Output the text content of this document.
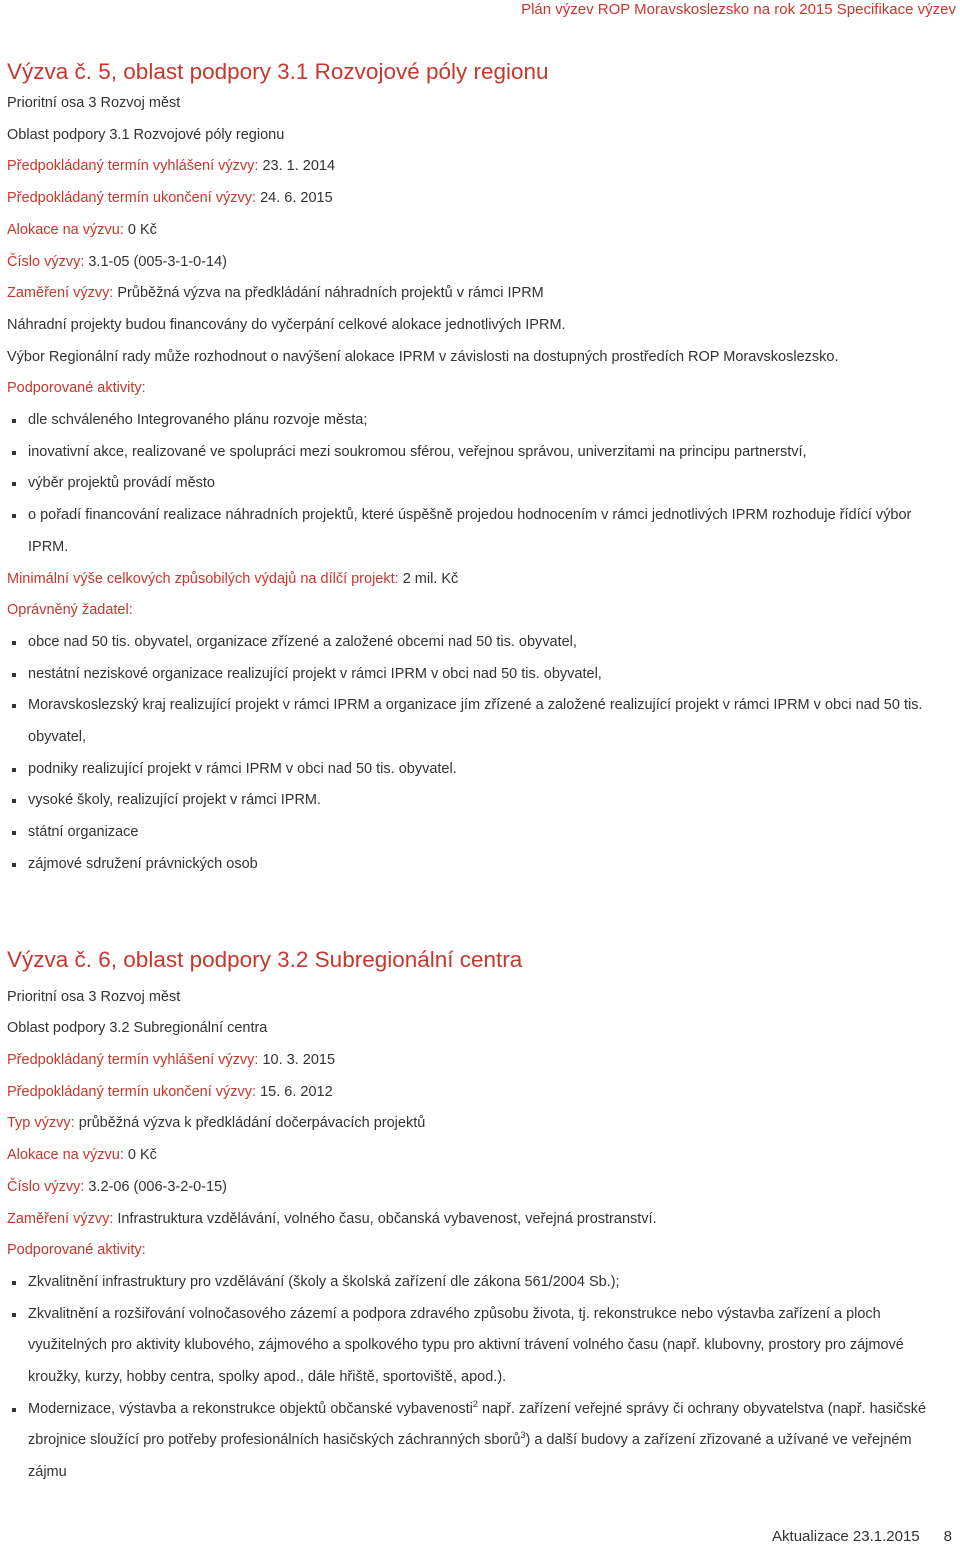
Plán výzev ROP Moravskoslezsko na rok 2015 Specifikace výzev
Výzva č. 5, oblast podpory 3.1 Rozvojové póly regionu
Prioritní osa 3 Rozvoj měst
Oblast podpory 3.1 Rozvojové póly regionu
Předpokládaný termín vyhlášení výzvy: 23. 1. 2014
Předpokládaný termín ukončení výzvy: 24. 6. 2015
Alokace na výzvu: 0 Kč
Číslo výzvy: 3.1-05 (005-3-1-0-14)
Zaměření výzvy: Průběžná výzva na předkládání náhradních projektů v rámci IPRM
Náhradní projekty budou financovány do vyčerpání celkové alokace jednotlivých IPRM.
Výbor Regionální rady může rozhodnout o navýšení alokace IPRM v závislosti na dostupných prostředích ROP Moravskoslezsko.
Podporované aktivity:
dle schváleného Integrovaného plánu rozvoje města;
inovativní akce, realizované ve spolupráci mezi soukromou sférou, veřejnou správou, univerzitami na principu partnerství,
výběr projektů provádí město
o pořadí financování realizace náhradních projektů, které úspěšně projedou hodnocením v rámci jednotlivých IPRM rozhoduje řídící výbor IPRM.
Minimální výše celkových způsobilých výdajů na dílčí projekt: 2 mil. Kč
Oprávněný žadatel:
obce nad 50 tis. obyvatel, organizace zřízené a založené obcemi nad 50 tis. obyvatel,
nestátní neziskové organizace realizující projekt v rámci IPRM v obci nad 50 tis. obyvatel,
Moravskoslezský kraj realizující projekt v rámci IPRM a organizace jím zřízené a založené realizující projekt v rámci IPRM v obci nad 50 tis. obyvatel,
podniky realizující projekt v rámci IPRM v obci nad 50 tis. obyvatel.
vysoké školy, realizující projekt v rámci IPRM.
státní organizace
zájmové sdružení právnických osob
Výzva č. 6, oblast podpory 3.2 Subregionální centra
Prioritní osa 3 Rozvoj měst
Oblast podpory 3.2 Subregionální centra
Předpokládaný termín vyhlášení výzvy: 10. 3. 2015
Předpokládaný termín ukončení výzvy: 15. 6. 2012
Typ výzvy: průběžná výzva k předkládání dočerpávacích projektů
Alokace na výzvu: 0 Kč
Číslo výzvy: 3.2-06 (006-3-2-0-15)
Zaměření výzvy: Infrastruktura vzdělávání, volného času, občanská vybavenost, veřejná prostranství.
Podporované aktivity:
Zkvalitnění infrastruktury pro vzdělávání (školy a školská zařízení dle zákona 561/2004 Sb.);
Zkvalitnění a rozšiřování volnočasového zázemí a podpora zdravého způsobu života, tj. rekonstrukce nebo výstavba zařízení a ploch využitelných pro aktivity klubového, zájmového a spolkového typu pro aktivní trávení volného času (např. klubovny, prostory pro zájmové kroužky, kurzy, hobby centra, spolky apod., dále hřiště, sportoviště, apod.).
Modernizace, výstavba a rekonstrukce objektů občanské vybavenosti$^2$ např. zařízení veřejné správy či ochrany obyvatelstva (např. hasičské zbrojnice sloužící pro potřeby profesionálních hasičských záchranných sborů$^3$) a další budovy a zařízení zřizované a užívané ve veřejném zájmu
Aktualizace 23.1.2015 8
